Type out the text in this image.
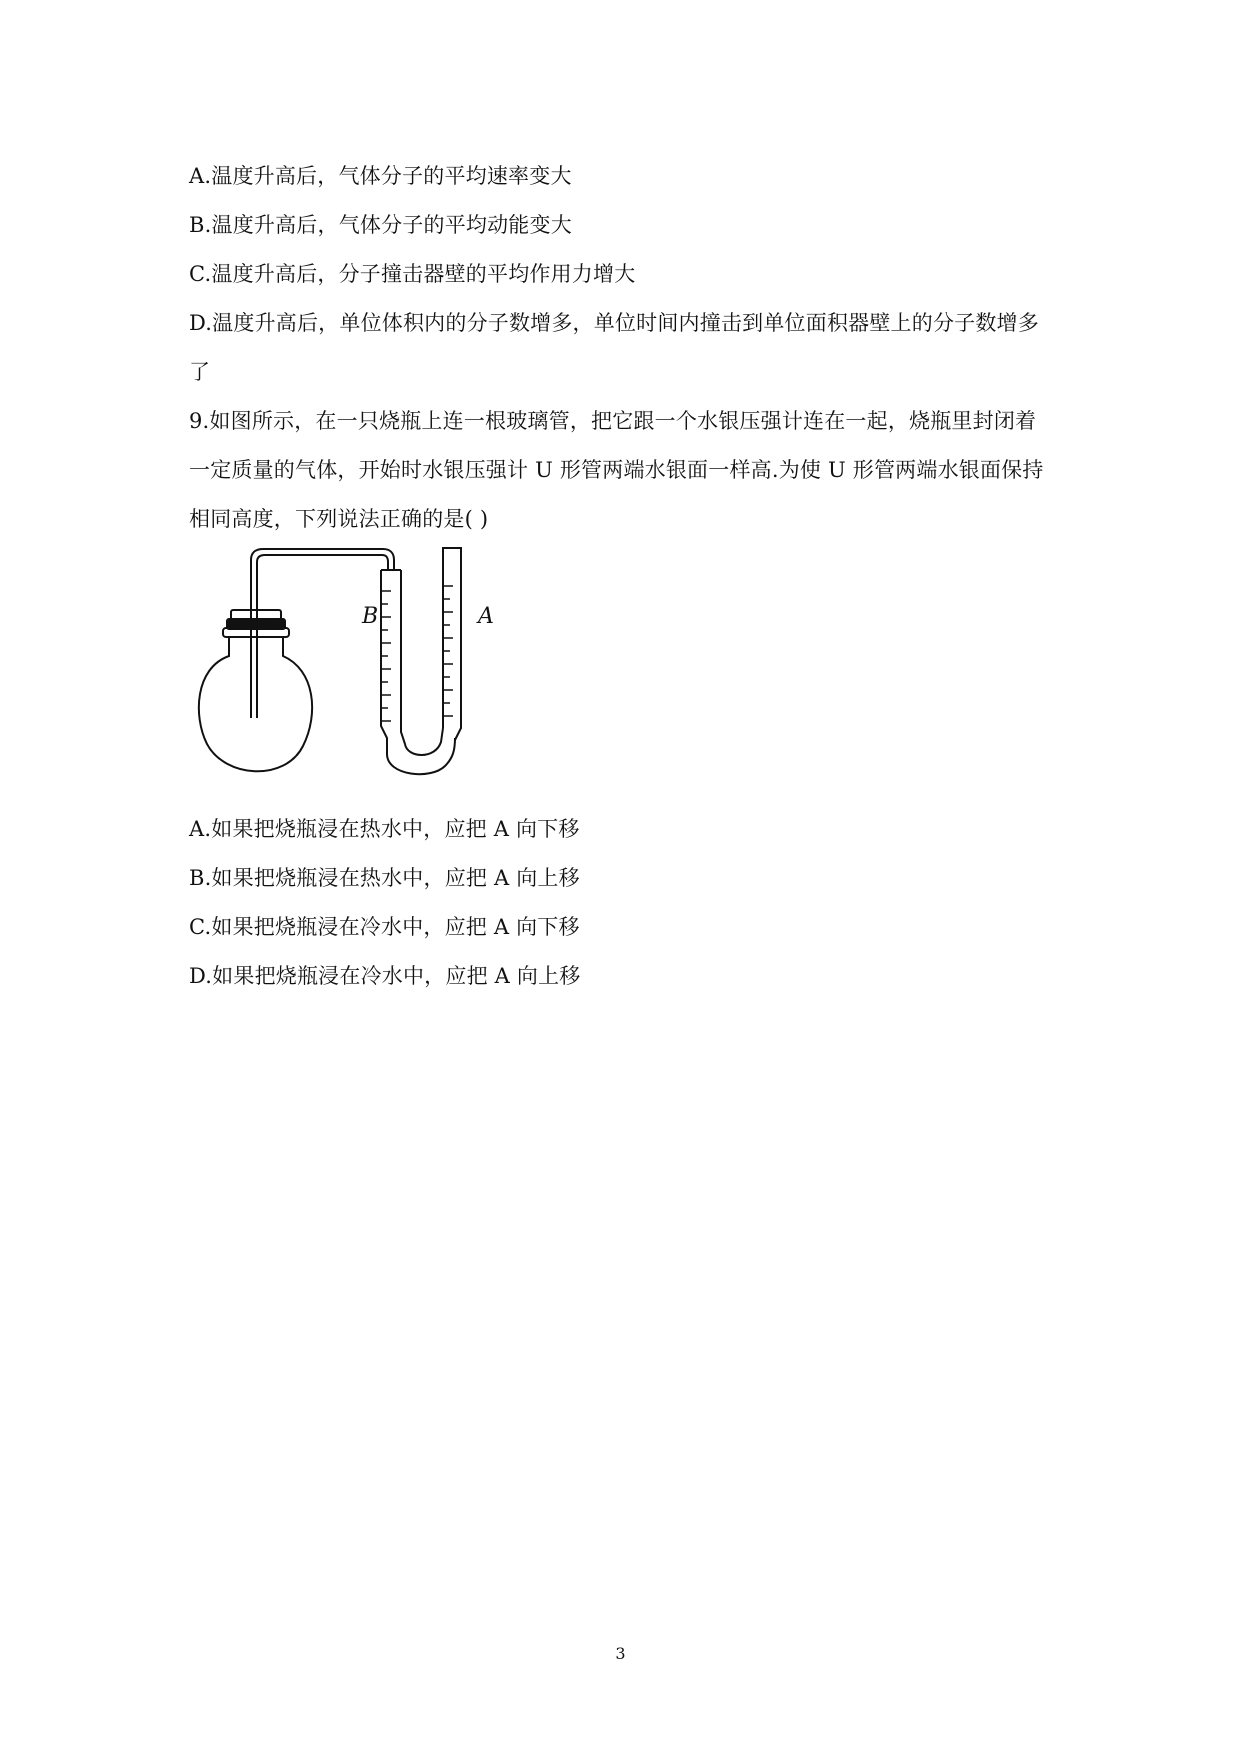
A.温度升高后，气体分子的平均速率变大
B.温度升高后，气体分子的平均动能变大
C.温度升高后，分子撞击器壁的平均作用力增大
D.温度升高后，单位体积内的分子数增多，单位时间内撞击到单位面积器壁上的分子数增多
了
9.如图所示，在一只烧瓶上连一根玻璃管，把它跟一个水银压强计连在一起，烧瓶里封闭着
一定质量的气体，开始时水银压强计 U 形管两端水银面一样高.为使 U 形管两端水银面保持
相同高度，下列说法正确的是( )
B	A
A.如果把烧瓶浸在热水中，应把 A 向下移
B.如果把烧瓶浸在热水中，应把 A 向上移
C.如果把烧瓶浸在冷水中，应把 A 向下移
D.如果把烧瓶浸在冷水中，应把 A 向上移
3
